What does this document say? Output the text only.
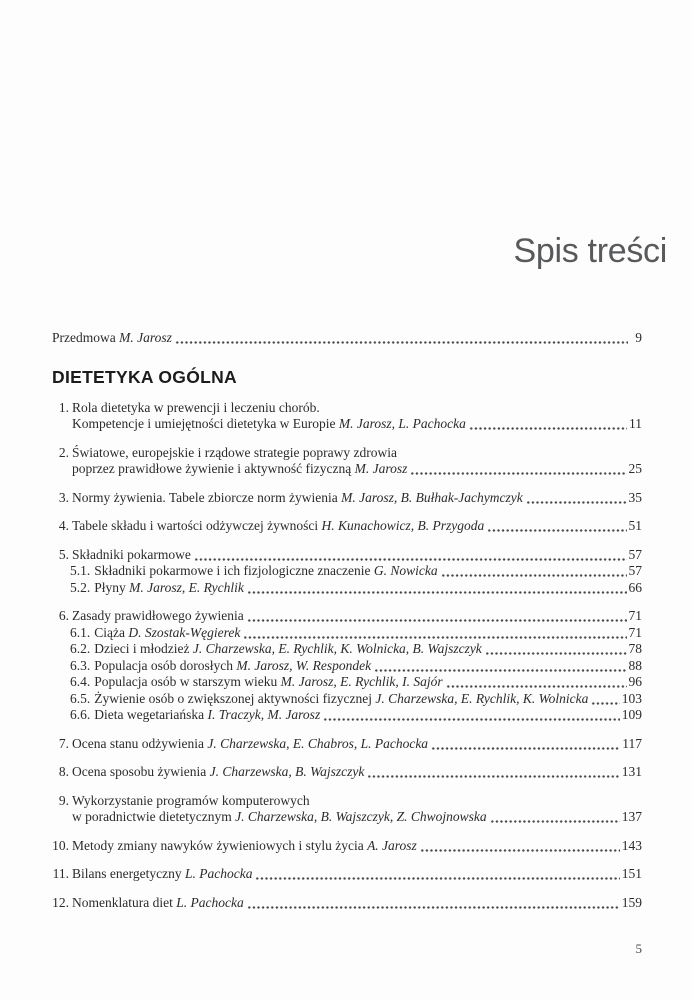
Spis treści
Przedmowa M. Jarosz	9
DIETETYKA OGÓLNA
1. Rola dietetyka w prewencji i leczeniu chorób.
Kompetencje i umiejętności dietetyka w Europie M. Jarosz, L. Pachocka	11
2. Światowe, europejskie i rządowe strategie poprawy zdrowia
poprzez prawidłowe żywienie i aktywność fizyczną M. Jarosz	25
3. Normy żywienia. Tabele zbiorcze norm żywienia M. Jarosz, B. Bułhak-Jachymczyk	35
4. Tabele składu i wartości odżywczej żywności H. Kunachowicz, B. Przygoda	51
5. Składniki pokarmowe	57
5.1. Składniki pokarmowe i ich fizjologiczne znaczenie G. Nowicka	57
5.2. Płyny M. Jarosz, E. Rychlik	66
6. Zasady prawidłowego żywienia	71
6.1. Ciąża D. Szostak-Węgierek	71
6.2. Dzieci i młodzież J. Charzewska, E. Rychlik, K. Wolnicka, B. Wajszczyk	78
6.3. Populacja osób dorosłych M. Jarosz, W. Respondek	88
6.4. Populacja osób w starszym wieku M. Jarosz, E. Rychlik, I. Sajór	96
6.5. Żywienie osób o zwiększonej aktywności fizycznej J. Charzewska, E. Rychlik, K. Wolnicka 103
6.6. Dieta wegetariańska I. Traczyk, M. Jarosz	109
7. Ocena stanu odżywienia J. Charzewska, E. Chabros, L. Pachocka	117
8. Ocena sposobu żywienia J. Charzewska, B. Wajszczyk	131
9. Wykorzystanie programów komputerowych
w poradnictwie dietetycznym J. Charzewska, B. Wajszczyk, Z. Chwojnowska	137
10. Metody zmiany nawyków żywieniowych i stylu życia A. Jarosz	143
11. Bilans energetyczny L. Pachocka	151
12. Nomenklatura diet L. Pachocka	159
5
